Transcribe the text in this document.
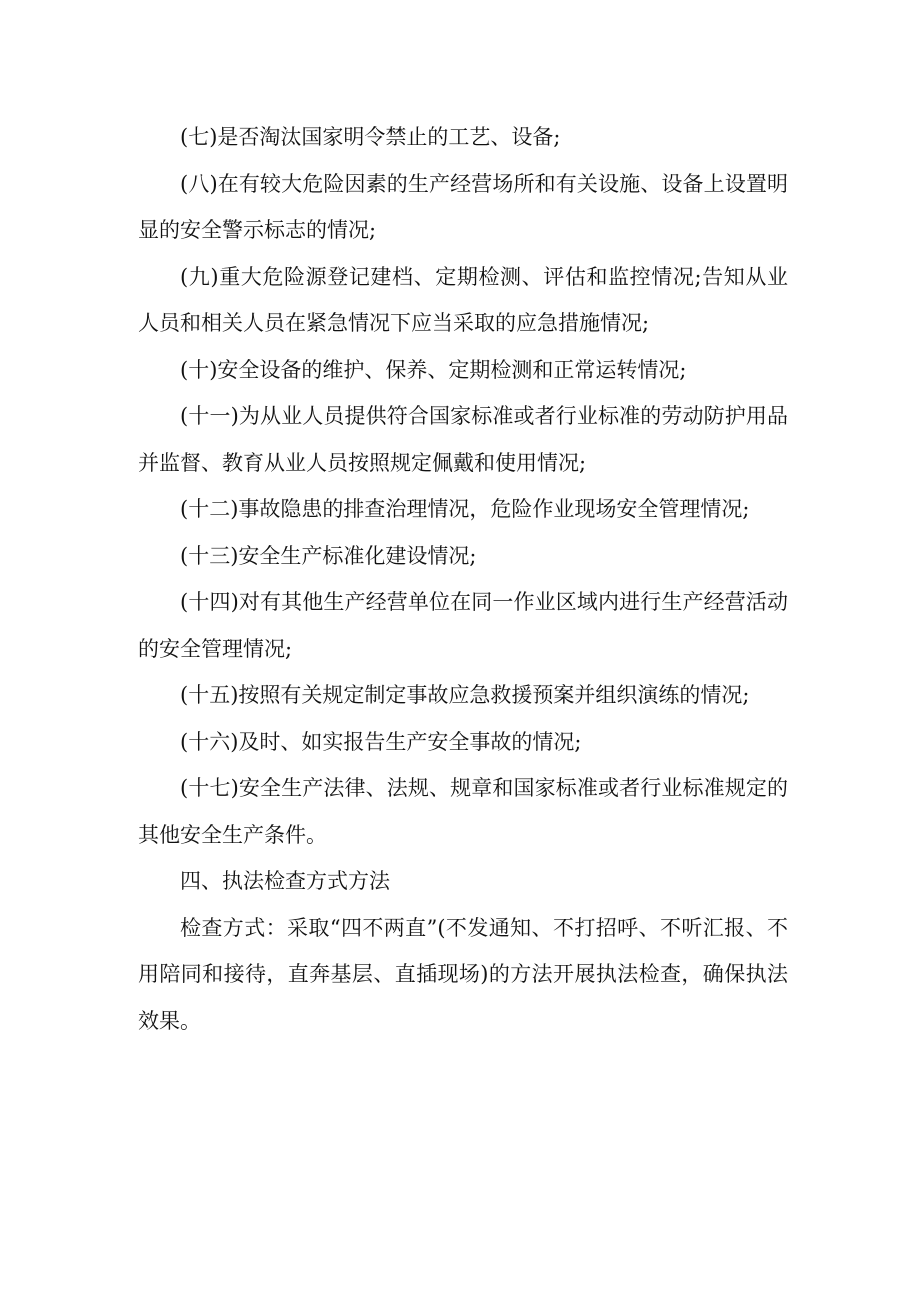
(七)是否淘汰国家明令禁止的工艺、设备;

(八)在有较大危险因素的生产经营场所和有关设施、设备上设置明显的安全警示标志的情况;

(九)重大危险源登记建档、定期检测、评估和监控情况;告知从业人员和相关人员在紧急情况下应当采取的应急措施情况;

(十)安全设备的维护、保养、定期检测和正常运转情况;

(十一)为从业人员提供符合国家标准或者行业标准的劳动防护用品并监督、教育从业人员按照规定佩戴和使用情况;

(十二)事故隐患的排查治理情况，危险作业现场安全管理情况;

(十三)安全生产标准化建设情况;

(十四)对有其他生产经营单位在同一作业区域内进行生产经营活动的安全管理情况;

(十五)按照有关规定制定事故应急救援预案并组织演练的情况;

(十六)及时、如实报告生产安全事故的情况;

(十七)安全生产法律、法规、规章和国家标准或者行业标准规定的其他安全生产条件。

四、执法检查方式方法

检查方式：采取“四不两直”(不发通知、不打招呼、不听汇报、不用陪同和接待，直奔基层、直插现场)的方法开展执法检查，确保执法效果。
